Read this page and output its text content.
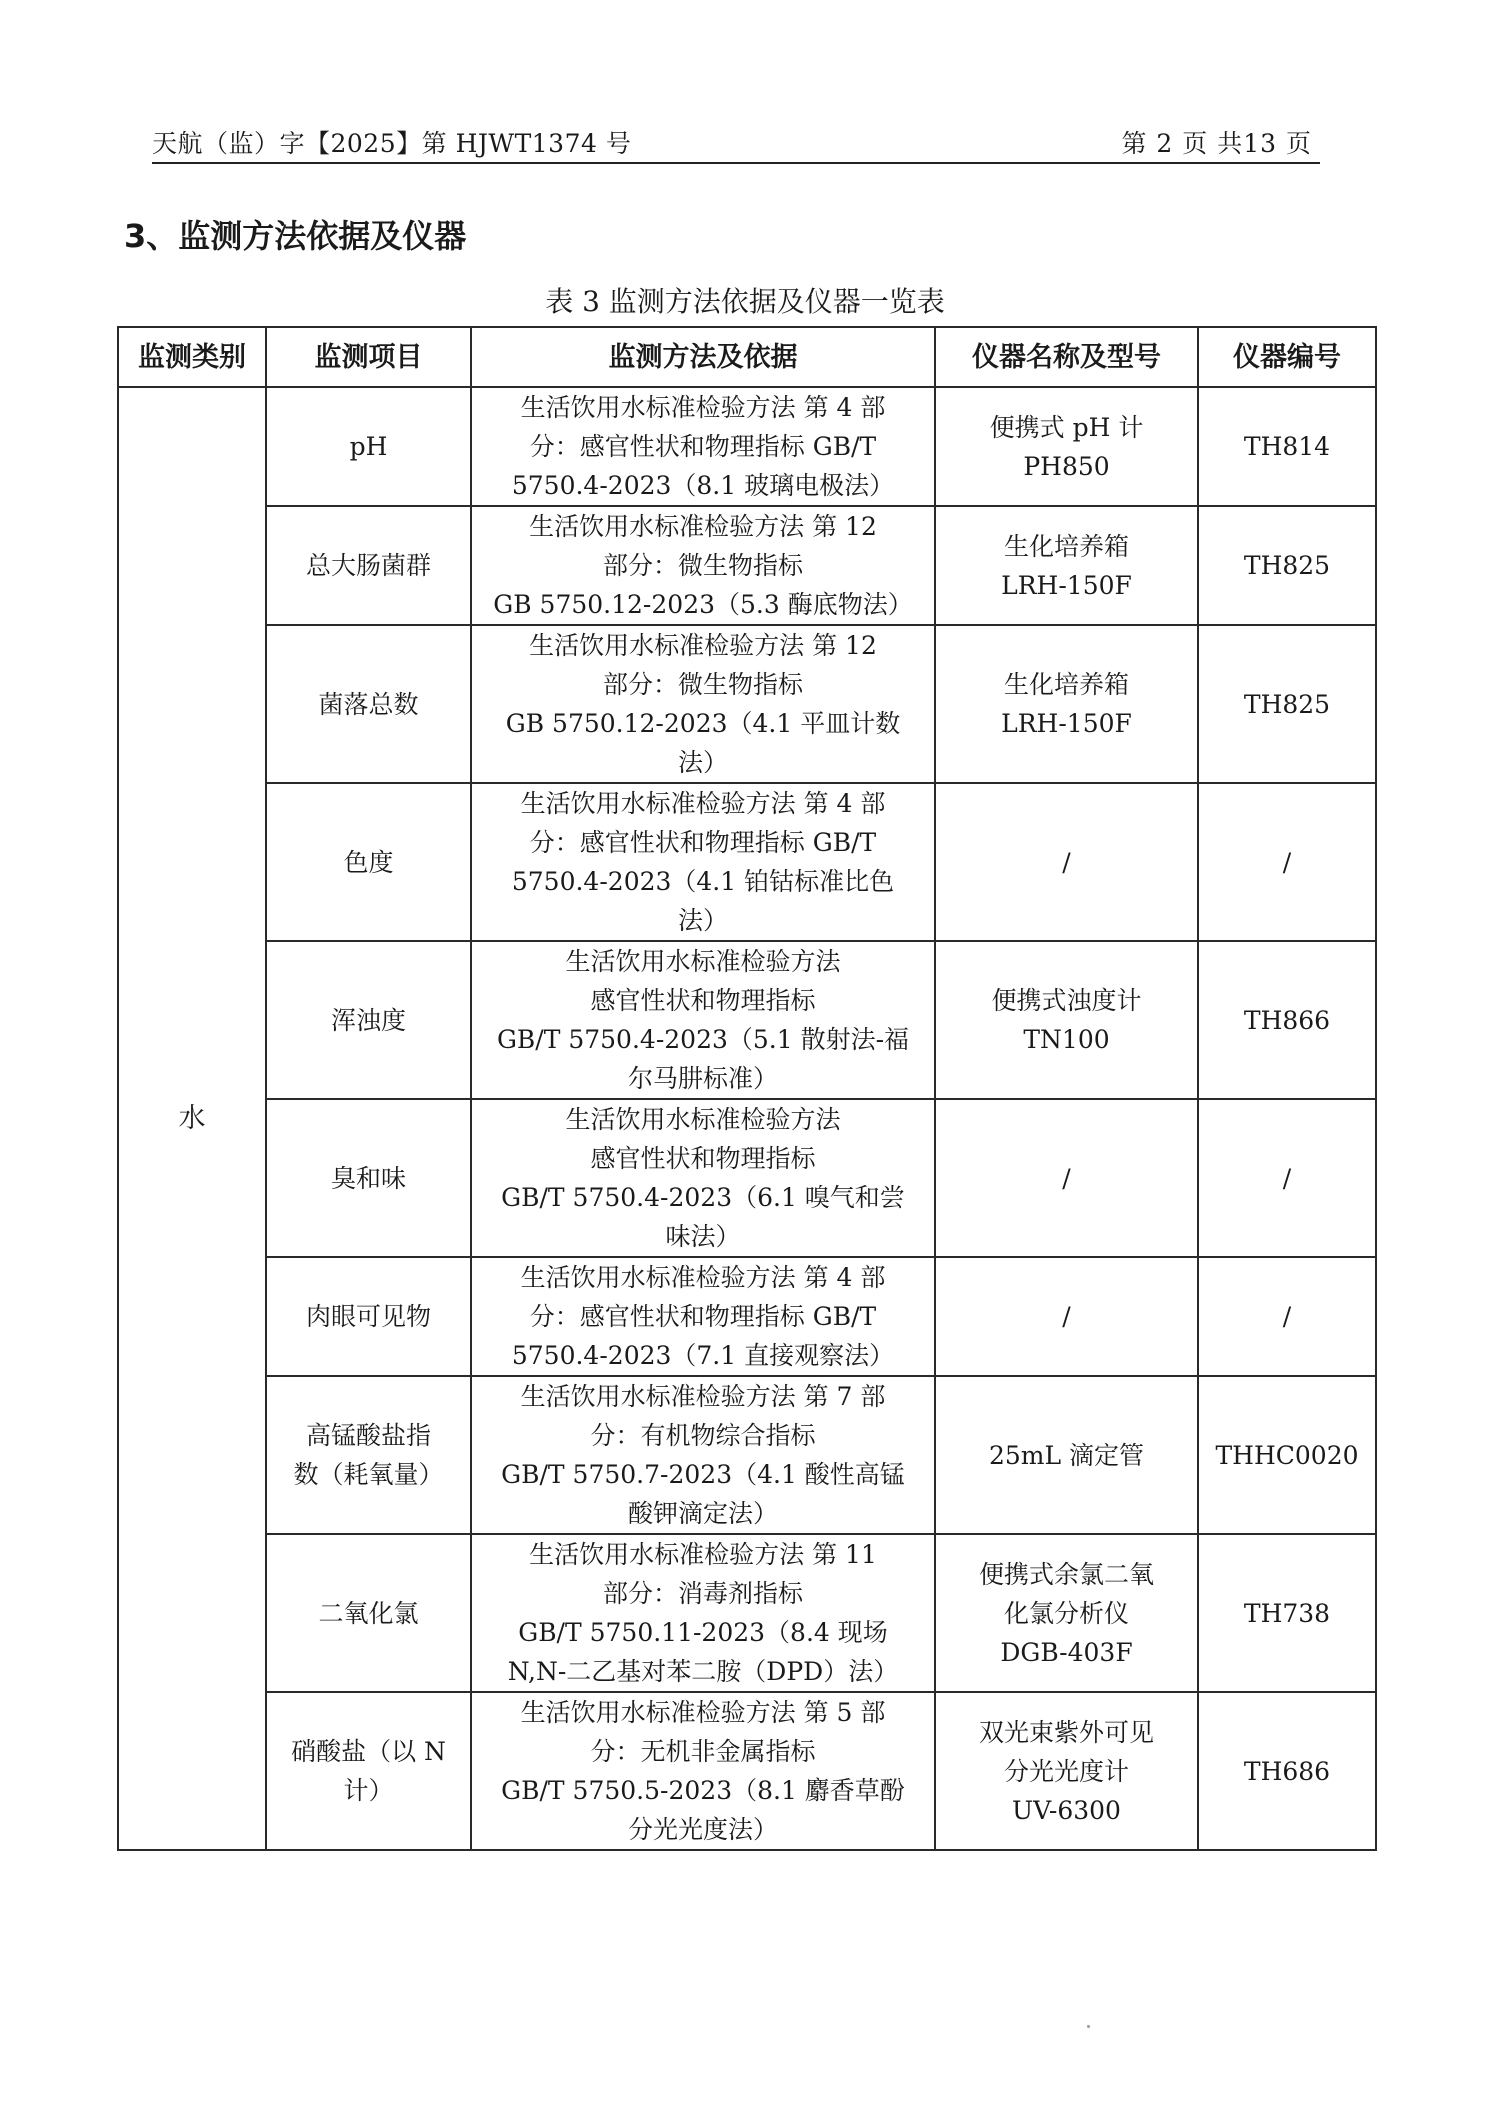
天航（监）字【2025】第 HJWT1374 号	第 2 页 共13 页
3、监测方法依据及仪器
表 3 监测方法依据及仪器一览表
监测类别	监测项目	监测方法及依据	仪器名称及型号	仪器编号
水	pH	生活饮用水标准检验方法 第 4 部
分：感官性状和物理指标 GB/T
5750.4-2023（8.1 玻璃电极法）	便携式 pH 计
PH850	TH814

	总大肠菌群	生活饮用水标准检验方法 第 12
部分：微生物指标
GB 5750.12-2023（5.3 酶底物法）	生化培养箱
LRH-150F	TH825

	菌落总数	生活饮用水标准检验方法 第 12
部分：微生物指标
GB 5750.12-2023（4.1 平皿计数
法）	生化培养箱
LRH-150F	TH825

	色度	生活饮用水标准检验方法 第 4 部
分：感官性状和物理指标 GB/T
5750.4-2023（4.1 铂钴标准比色
法）	/	/

	浑浊度	生活饮用水标准检验方法
感官性状和物理指标
GB/T 5750.4-2023（5.1 散射法-福
尔马肼标准）	便携式浊度计
TN100	TH866

	臭和味	生活饮用水标准检验方法
感官性状和物理指标
GB/T 5750.4-2023（6.1 嗅气和尝
味法）	/	/

	肉眼可见物	生活饮用水标准检验方法 第 4 部
分：感官性状和物理指标 GB/T
5750.4-2023（7.1 直接观察法）	/	/

	高锰酸盐指
数（耗氧量）	生活饮用水标准检验方法 第 7 部
分：有机物综合指标
GB/T 5750.7-2023（4.1 酸性高锰
酸钾滴定法）	25mL 滴定管	THHC0020

	二氧化氯	生活饮用水标准检验方法 第 11
部分：消毒剂指标
GB/T 5750.11-2023（8.4 现场
N,N-二乙基对苯二胺（DPD）法）	便携式余氯二氧
化氯分析仪
DGB-403F	TH738

	硝酸盐（以 N
计）	生活饮用水标准检验方法 第 5 部
分：无机非金属指标
GB/T 5750.5-2023（8.1 麝香草酚
分光光度法）	双光束紫外可见
分光光度计
UV-6300	TH686
